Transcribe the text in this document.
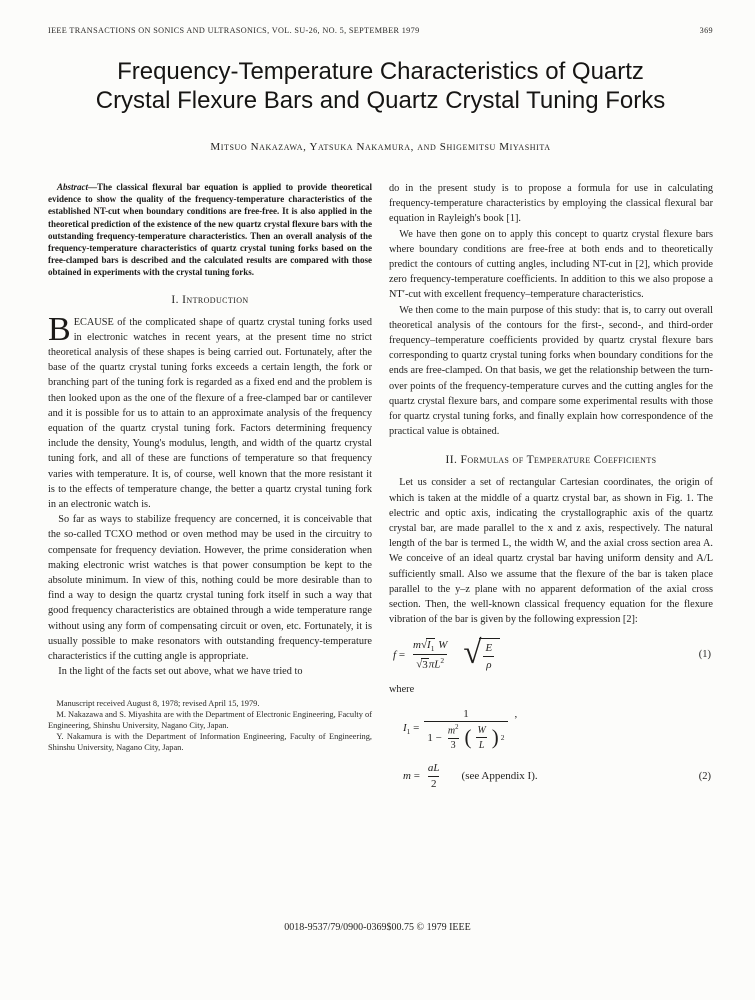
IEEE TRANSACTIONS ON SONICS AND ULTRASONICS, VOL. SU-26, NO. 5, SEPTEMBER 1979	369
Frequency-Temperature Characteristics of Quartz Crystal Flexure Bars and Quartz Crystal Tuning Forks
Mitsuo Nakazawa, Yatsuka Nakamura, and Shigemitsu Miyashita

Abstract—The classical flexural bar equation is applied to provide theoretical evidence to show the quality of the frequency-temperature characteristics of the established NT-cut when boundary conditions are free-free. It is also applied in the theoretical prediction of the existence of the new quartz crystal flexure bars with the outstanding frequency-temperature characteristics. Then an overall analysis of the frequency-temperature characteristics of quartz crystal tuning forks based on the free-clamped bars is described and the calculated results are compared with those obtained in experiments with the crystal tuning forks.

I. Introduction

BECAUSE of the complicated shape of quartz crystal tuning forks used in electronic watches in recent years, at the present time no strict theoretical analysis of these shapes is being carried out. Fortunately, after the base of the quartz crystal tuning forks exceeds a certain length, the fork or branching part of the tuning fork is regarded as a fixed end and the problem is then looked upon as the one of the flexure of a free-clamped bar or cantilever and it is possible for us to attain to an approximate analysis of the frequency equation of the quartz crystal tuning fork. Factors determining frequency include the density, Young's modulus, length, and width of the quartz crystal tuning fork, and all of these are functions of temperature so that frequency varies with temperature. It is, of course, well known that the more resistant it is to the effects of temperature change, the better a quartz crystal tuning fork in an electronic watch is.

So far as ways to stabilize frequency are concerned, it is conceivable that the so-called TCXO method or oven method may be used in the circuitry to compensate for frequency deviation. However, the prime consideration when making electronic wrist watches is that power consumption be kept to the absolute minimum. In view of this, nothing could be more desirable than to find a way to design the quartz crystal tuning fork itself in such a way that good frequency characteristics are obtained through a wide temperature range without using any form of compensating circuit or oven, etc. Fortunately, it is usually possible to make resonators with outstanding frequency-temperature characteristics if the cutting angle is appropriate.

In the light of the facts set out above, what we have tried to

Manuscript received August 8, 1978; revised April 15, 1979.

M. Nakazawa and S. Miyashita are with the Department of Electronic Engineering, Faculty of Engineering, Shinshu University, Nagano City, Japan.

Y. Nakamura is with the Department of Information Engineering, Faculty of Engineering, Shinshu University, Nagano City, Japan.

do in the present study is to propose a formula for use in calculating frequency-temperature characteristics by employing the classical flexural bar equation in Rayleigh's book [1].

We have then gone on to apply this concept to quartz crystal flexure bars where boundary conditions are free-free at both ends and to theoretically predict the contours of cutting angles, including NT-cut in [2], which provide zero frequency-temperature coefficients. In addition to this we also propose a NT′-cut with excellent frequency–temperature characteristics.

We then come to the main purpose of this study: that is, to carry out overall theoretical analysis of the contours for the first-, second-, and third-order frequency–temperature coefficients provided by quartz crystal flexure bars corresponding to quartz crystal tuning forks when boundary conditions for the ends are free-clamped. On that basis, we get the relationship between the turn-over points of the frequency-temperature curves and the cutting angles for the quartz crystal flexure bars, and compare some experimental results with those for quartz crystal tuning forks, and finally explain how correspondence of the practical value is obtained.

II. Formulas of Temperature Coefficients

Let us consider a set of rectangular Cartesian coordinates, the origin of which is taken at the middle of a quartz crystal bar, as shown in Fig. 1. The electric and optic axis, indicating the crystallographic axis of the quartz crystal bar, are made parallel to the x and z axis, respectively. The natural length of the bar is termed L, the width W, and the axial cross section area A. We conceive of an ideal quartz crystal bar having uniform density and A/L sufficiently small. Also we assume that the flexure of the bar is taken place parallel to the y–z plane with no apparent deformation of the axial cross section. Then, the well-known classical frequency equation for the flexure vibration of the bar is given by the following expression [2]:

$f = \frac{m√I_1 W}{√3\pi L^2}$ √ $\frac{E}{\rho}$	(1)

where

$I_1$ =
1
$1 - \frac{m^2}{3}$ ( $\frac{W}{L}$ ) 2
,
$m = \frac{aL}{2} (see$ Appendix I).	(2)
0018-9537/79/0900-0369$00.75 © 1979 IEEE
